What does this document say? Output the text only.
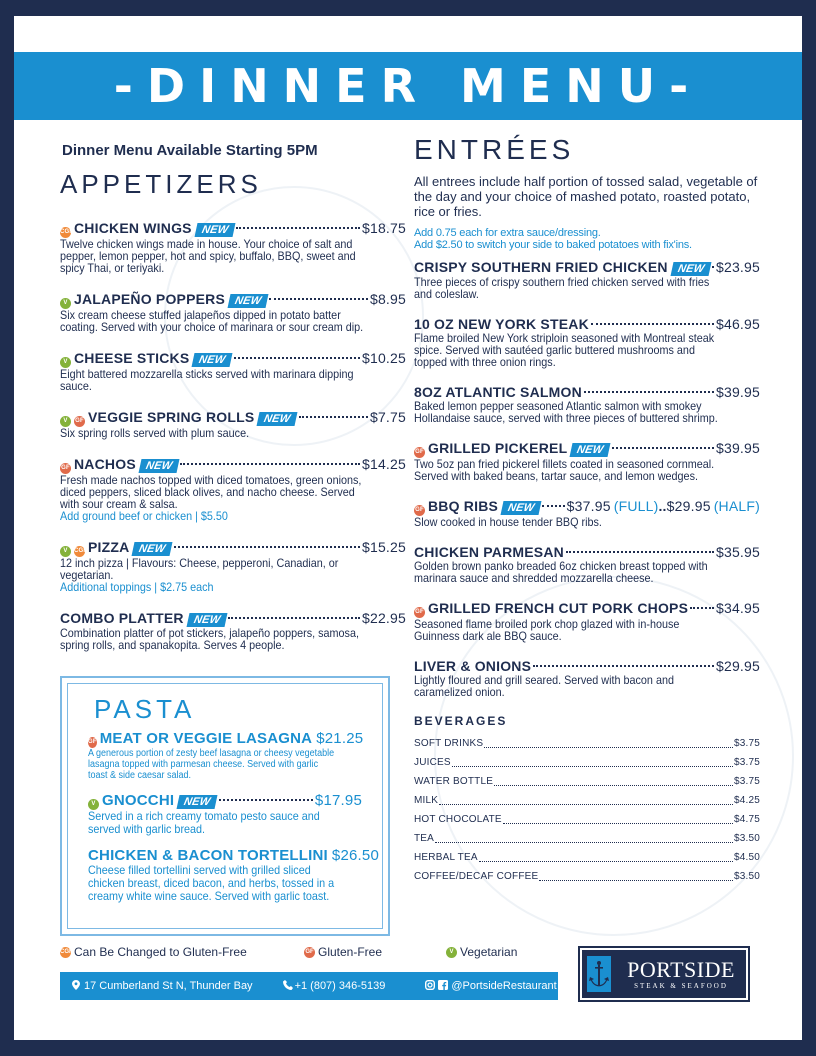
-DINNER MENU-
Dinner Menu Available Starting 5PM
APPETIZERS
CGF CHICKEN WINGS NEW	$18.75
Twelve chicken wings made in house. Your choice of salt and pepper, lemon pepper, hot and spicy, buffalo, BBQ, sweet and spicy Thai, or teriyaki.
V JALAPEÑO POPPERS NEW	$8.95
Six cream cheese stuffed jalapeños dipped in potato batter coating. Served with your choice of marinara or sour cream dip.
V CHEESE STICKS NEW	$10.25
Eight battered mozzarella sticks served with marinara dipping sauce.
V	GF VEGGIE SPRING ROLLS NEW	$7.75
Six spring rolls served with plum sauce.
GF NACHOS NEW	$14.25
Fresh made nachos topped with diced tomatoes, green onions, diced peppers, sliced black olives, and nacho cheese. Served with sour cream & salsa.
Add ground beef or chicken | $5.50
V	CGF PIZZA NEW	$15.25
12 inch pizza | Flavours: Cheese, pepperoni, Canadian, or vegetarian.
Additional toppings | $2.75 each
COMBO PLATTER NEW	$22.95
Combination platter of pot stickers, jalapeño poppers, samosa, spring rolls, and spanakopita. Serves 4 people.
PASTA
GF MEAT OR VEGGIE LASAGNA $21.25
A generous portion of zesty beef lasagna or cheesy vegetable lasagna topped with parmesan cheese. Served with garlic toast & side caesar salad.
V GNOCCHI NEW	$17.95
Served in a rich creamy tomato pesto sauce and served with garlic bread.
CHICKEN & BACON TORTELLINI $26.50
Cheese filled tortellini served with grilled sliced chicken breast, diced bacon, and herbs, tossed in a creamy white wine sauce. Served with garlic toast.
ENTRÉES
All entrees include half portion of tossed salad, vegetable of the day and your choice of mashed potato, roasted potato, rice or fries.
Add 0.75 each for extra sauce/dressing.
Add $2.50 to switch your side to baked potatoes with fix'ins.
CRISPY SOUTHERN FRIED CHICKEN NEW $23.95
Three pieces of crispy southern fried chicken served with fries and coleslaw.
10 OZ NEW YORK STEAK	$46.95
Flame broiled New York striploin seasoned with Montreal steak spice. Served with sautéed garlic buttered mushrooms and topped with three onion rings.
8OZ ATLANTIC SALMON	$39.95
Baked lemon pepper seasoned Atlantic salmon with smokey Hollandaise sauce, served with three pieces of buttered shrimp.
GF GRILLED PICKEREL NEW	$39.95
Two 5oz pan fried pickerel fillets coated in seasoned cornmeal. Served with baked beans, tartar sauce, and lemon wedges.
GF BBQ RIBS NEW	$37.95 (FULL) .. $29.95 (HALF)
Slow cooked in house tender BBQ ribs.
CHICKEN PARMESAN	$35.95
Golden brown panko breaded 6oz chicken breast topped with marinara sauce and shredded mozzarella cheese.
GF GRILLED FRENCH CUT PORK CHOPS $34.95
Seasoned flame broiled pork chop glazed with in-house Guinness dark ale BBQ sauce.
LIVER & ONIONS	$29.95
Lightly floured and grill seared. Served with bacon and caramelized onion.
BEVERAGES
SOFT DRINKS	$3.75
JUICES	$3.75
WATER BOTTLE	$3.75
MILK	$4.25
HOT CHOCOLATE	$4.75
TEA	$3.50
HERBAL TEA	$4.50
COFFEE/DECAF COFFEE	$3.50
CGF Can Be Changed to Gluten-Free	GF Gluten-Free	V Vegetarian
17 Cumberland St N, Thunder Bay	+1 (807) 346-5139	@PortsideRestaurant
PORTSIDE
STEAK & SEAFOOD
